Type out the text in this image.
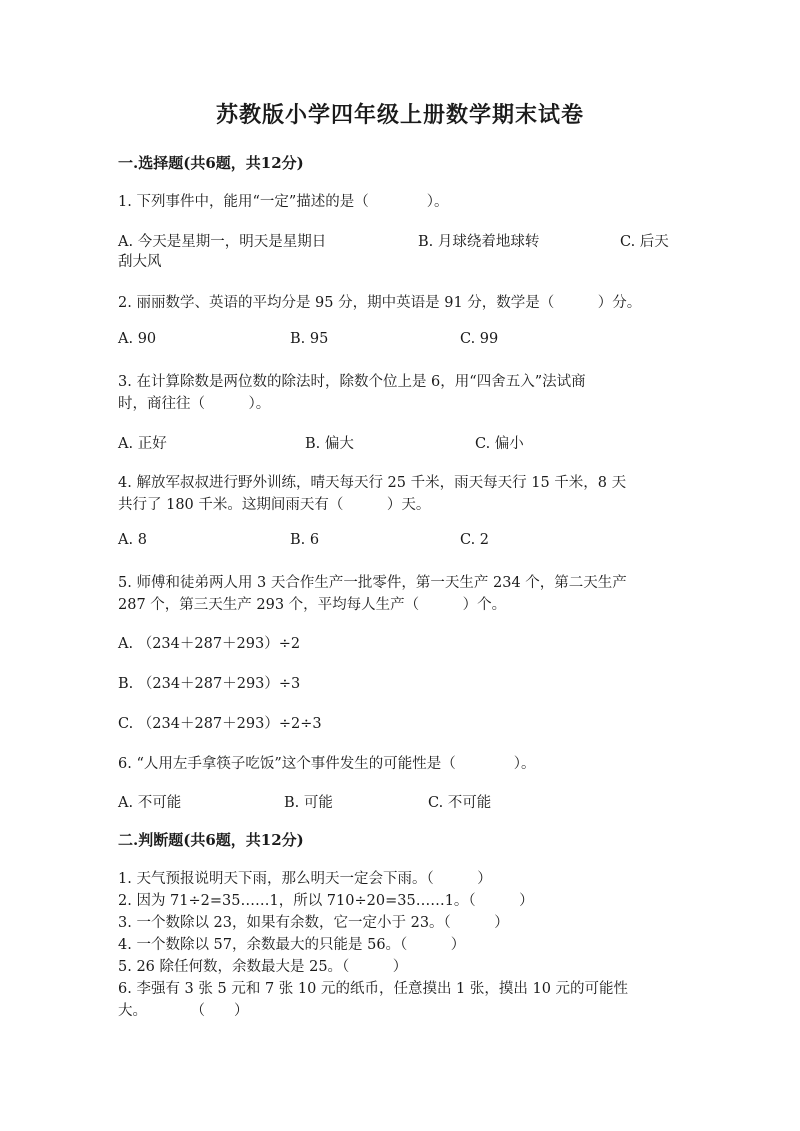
苏教版小学四年级上册数学期末试卷
一.选择题(共6题，共12分)
1. 下列事件中，能用“一定”描述的是（　　　　）。
A. 今天是星期一，明天是星期日	B. 月球绕着地球转	C. 后天
刮大风
2. 丽丽数学、英语的平均分是 95 分，期中英语是 91 分，数学是（　　　）分。
A. 90	B. 95	C. 99
3. 在计算除数是两位数的除法时，除数个位上是 6，用“四舍五入”法试商
时，商往往（　　　）。
A. 正好	B. 偏大	C. 偏小
4. 解放军叔叔进行野外训练，晴天每天行 25 千米，雨天每天行 15 千米，8 天
共行了 180 千米。这期间雨天有（　　　）天。
A. 8	B. 6	C. 2
5. 师傅和徒弟两人用 3 天合作生产一批零件，第一天生产 234 个，第二天生产
287 个，第三天生产 293 个，平均每人生产（　　　）个。
A. （234＋287＋293）÷2
B. （234＋287＋293）÷3
C. （234＋287＋293）÷2÷3
6. “人用左手拿筷子吃饭”这个事件发生的可能性是（　　　　）。
A. 不可能	B. 可能	C. 不可能
二.判断题(共6题，共12分)
1. 天气预报说明天下雨，那么明天一定会下雨。（　　　）
2. 因为 71÷2=35……1，所以 710÷20=35……1。（　　　）
3. 一个数除以 23，如果有余数，它一定小于 23。（　　　）
4. 一个数除以 57，余数最大的只能是 56。（　　　）
5. 26 除任何数，余数最大是 25。（　　　）
6. 李强有 3 张 5 元和 7 张 10 元的纸币，任意摸出 1 张，摸出 10 元的可能性
大。　　　　（　　）
